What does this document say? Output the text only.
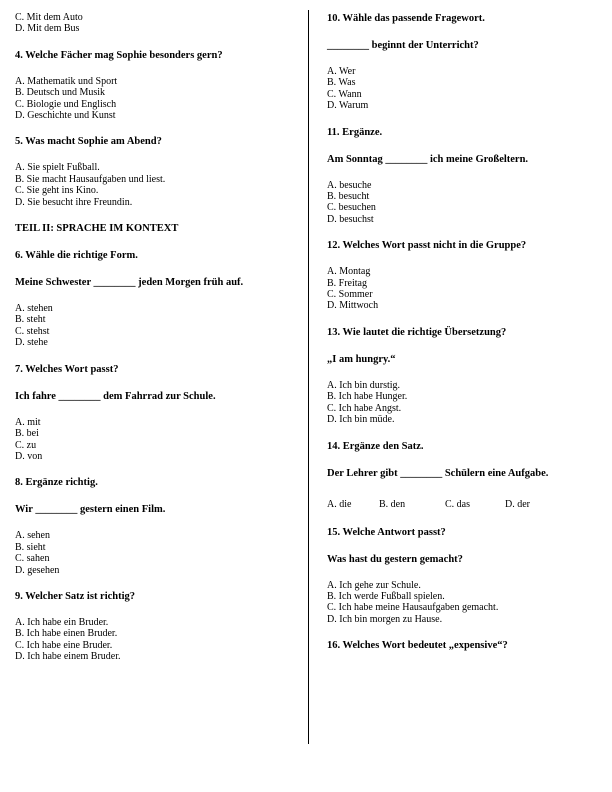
C. Mit dem Auto
D. Mit dem Bus

4. Welche Fächer mag Sophie besonders gern?

A. Mathematik und Sport
B. Deutsch und Musik
C. Biologie und Englisch
D. Geschichte und Kunst

5. Was macht Sophie am Abend?

A. Sie spielt Fußball.
B. Sie macht Hausaufgaben und liest.
C. Sie geht ins Kino.
D. Sie besucht ihre Freundin.

TEIL II: SPRACHE IM KONTEXT

6. Wähle die richtige Form.

Meine Schwester ________ jeden Morgen früh auf.

A. stehen
B. steht
C. stehst
D. stehe

7. Welches Wort passt?

Ich fahre ________ dem Fahrrad zur Schule.

A. mit
B. bei
C. zu
D. von

8. Ergänze richtig.

Wir ________ gestern einen Film.

A. sehen
B. sieht
C. sahen
D. gesehen

9. Welcher Satz ist richtig?

A. Ich habe ein Bruder.
B. Ich habe einen Bruder.
C. Ich habe eine Bruder.
D. Ich habe einem Bruder.

10. Wähle das passende Fragewort.

________ beginnt der Unterricht?

A. Wer
B. Was
C. Wann
D. Warum

11. Ergänze.

Am Sonntag ________ ich meine Großeltern.

A. besuche
B. besucht
C. besuchen
D. besuchst

12. Welches Wort passt nicht in die Gruppe?

A. Montag
B. Freitag
C. Sommer
D. Mittwoch

13. Wie lautet die richtige Übersetzung?

„I am hungry.“

A. Ich bin durstig.
B. Ich habe Hunger.
C. Ich habe Angst.
D. Ich bin müde.

14. Ergänze den Satz.

Der Lehrer gibt ________ Schülern eine Aufgabe.

A. die	B. den	C. das	D. der

15. Welche Antwort passt?

Was hast du gestern gemacht?

A. Ich gehe zur Schule.
B. Ich werde Fußball spielen.
C. Ich habe meine Hausaufgaben gemacht.
D. Ich bin morgen zu Hause.

16. Welches Wort bedeutet „expensive“?
